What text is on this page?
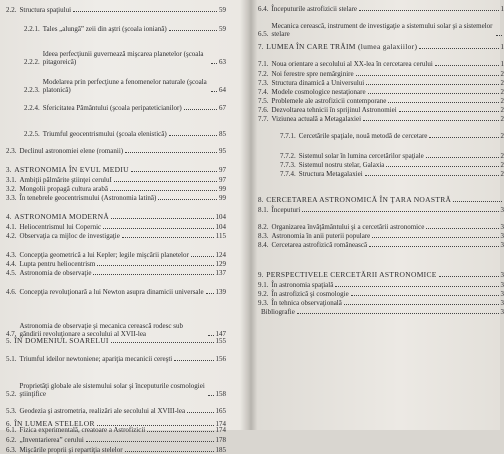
2.2. Structura spaţiului	59
2.2.1. Tales „alungă” zeii din aştri (şcoala ioniană)	59
2.2.2.
Ideea perfecţiunii guvernează mişcarea planetelor (şcoala pitagoreică)	63
2.2.3.
Modelarea prin perfecţiune a fenomenelor naturale (şcoala platonică)	64
2.2.4. Sfericitatea Pământului (şcoala peripateticianilor)	67
2.2.5. Triumful geocentrismului (şcoala elenistică)	85
2.3. Declinul astronomiei elene (romanii)	95
3. ASTRONOMIA ÎN EVUL MEDIU	97
3.1. Ambiţii pălmărite ştiinţei ceruluI	97
3.2. Mongolii propagă cultura arabă	99
3.3. În tenebrele geocentrismului (Astronomia latină)	99
4. ASTRONOMIA MODERNĂ	104
4.1. Heliocentrismul lui Copernic	104
4.2. Observaţia ca mijloc de investigaţie	115
4.3. Concepţia geometrică a lui Kepler; legile mişcării planetelor	124
4.4. Lupta pentru heliocentrism	129
4.5. Astronomia de observaţie	137
4.6. Concepţia revoluţionară a lui Newton asupra dinamicii universale 139
4.7.
Astronomia de observaţie şi mecanica cerească rodesc sub gândirii revoluţionare a secolului al XVII-lea	147
5. ÎN DOMENIUL SOARELUI	155
5.1. Triumful ideilor newtoniene; apariţia mecanicii cereşti	156
5.2.
Proprietăţi globale ale sistemului solar şi începuturile cosmologiei ştiinţifice	158
5.3. Geodezia şi astrometria, realizări ale secolului al XVIII-lea	165
6. ÎN LUMEA STELELOR	174
6.1. Fizica experimentală, creatoare a Astrofizicii	174
6.2. „Inventarierea” cerului	178
6.3. Mişcările proprii şi repartiţia stelelor	185
6.4. Începuturile astrofizicii stelare	1
6.5.
Mecanica cerească, instrument de investigaţie a sistemului solar şi a sistemelor stelare
7. LUMEA ÎN CARE TRĂIM (lumea galaxiilor)	1
7.1. Noua orientare a secolului al XX-lea în cercetarea cerului	1
7.2. Noi ferestre spre nemărginire	2
7.3. Structura dinamică a Universului	2
7.4. Modele cosmologice nestaţionare	2
7.5. Problemele ale astrofizicii contemporane	2
7.6. Dezvoltarea tehnicii în sprijinul Astronomiei	2
7.7. Viziunea actuală a Metagalaxiei	2
7.7.1. Cercetările spaţiale, nouă metodă de cercetare	2
7.7.2. Sistemul solar în lumina cercetărilor spaţiale	2
7.7.3. Sistemul nostru stelar, Galaxia	2
7.7.4. Structura Metagalaxiei	2
8. CERCETAREA ASTRONOMICĂ ÎN ŢARA NOASTRĂ
8.1. Începuturi	3
8.2. Organizarea învăţământului şi a cercetării astronomice	3
8.3. Astronomia în anii puterii populare	3
8.4. Cercetarea astrofizică românească	3
9. PERSPECTIVELE CERCETĂRII ASTRONOMICE	3
9.1. În astronomia spaţială	3
9.2. În astrofizică şi cosmologie	3
9.3. În tehnica observaţională	3
Bibliografie	3
